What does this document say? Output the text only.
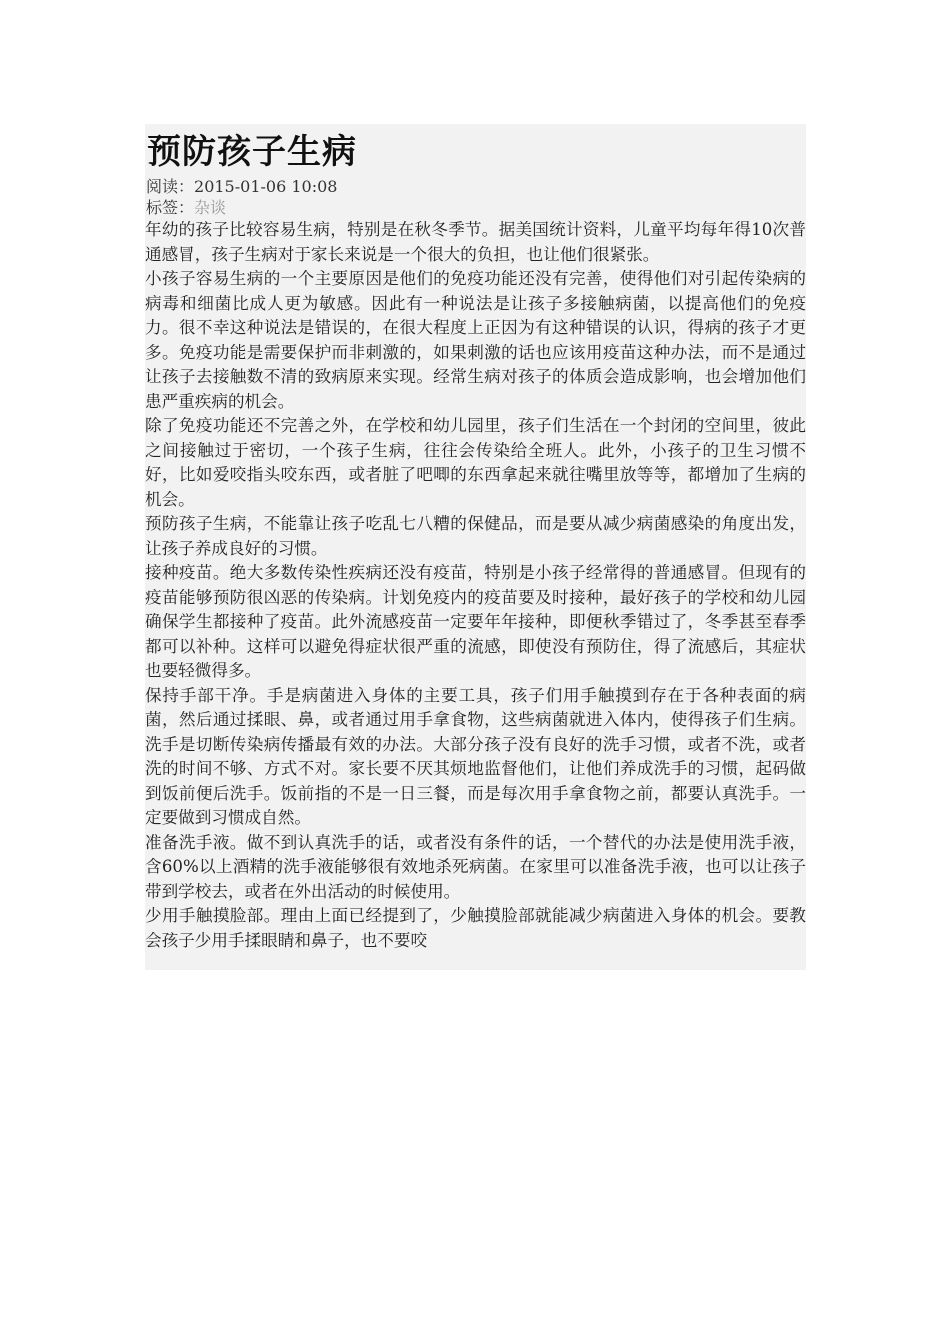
预防孩子生病
阅读：2015-01-06 10:08
标签：杂谈

年幼的孩子比较容易生病，特别是在秋冬季节。据美国统计资料，儿童平均每年得10次普通感冒，孩子生病对于家长来说是一个很大的负担，也让他们很紧张。

小孩子容易生病的一个主要原因是他们的免疫功能还没有完善，使得他们对引起传染病的病毒和细菌比成人更为敏感。因此有一种说法是让孩子多接触病菌，以提高他们的免疫力。很不幸这种说法是错误的，在很大程度上正因为有这种错误的认识，得病的孩子才更多。免疫功能是需要保护而非刺激的，如果刺激的话也应该用疫苗这种办法，而不是通过让孩子去接触数不清的致病原来实现。经常生病对孩子的体质会造成影响，也会增加他们患严重疾病的机会。

除了免疫功能还不完善之外，在学校和幼儿园里，孩子们生活在一个封闭的空间里，彼此之间接触过于密切，一个孩子生病，往往会传染给全班人。此外，小孩子的卫生习惯不好，比如爱咬指头咬东西，或者脏了吧唧的东西拿起来就往嘴里放等等，都增加了生病的机会。

预防孩子生病，不能靠让孩子吃乱七八糟的保健品，而是要从减少病菌感染的角度出发，让孩子养成良好的习惯。

接种疫苗。绝大多数传染性疾病还没有疫苗，特别是小孩子经常得的普通感冒。但现有的疫苗能够预防很凶恶的传染病。计划免疫内的疫苗要及时接种，最好孩子的学校和幼儿园确保学生都接种了疫苗。此外流感疫苗一定要年年接种，即便秋季错过了，冬季甚至春季都可以补种。这样可以避免得症状很严重的流感，即使没有预防住，得了流感后，其症状也要轻微得多。

保持手部干净。手是病菌进入身体的主要工具，孩子们用手触摸到存在于各种表面的病菌，然后通过揉眼、鼻，或者通过用手拿食物，这些病菌就进入体内，使得孩子们生病。洗手是切断传染病传播最有效的办法。大部分孩子没有良好的洗手习惯，或者不洗，或者洗的时间不够、方式不对。家长要不厌其烦地监督他们，让他们养成洗手的习惯，起码做到饭前便后洗手。饭前指的不是一日三餐，而是每次用手拿食物之前，都要认真洗手。一定要做到习惯成自然。

准备洗手液。做不到认真洗手的话，或者没有条件的话，一个替代的办法是使用洗手液，含60%以上酒精的洗手液能够很有效地杀死病菌。在家里可以准备洗手液，也可以让孩子带到学校去，或者在外出活动的时候使用。

少用手触摸脸部。理由上面已经提到了，少触摸脸部就能减少病菌进入身体的机会。要教会孩子少用手揉眼睛和鼻子，也不要咬
